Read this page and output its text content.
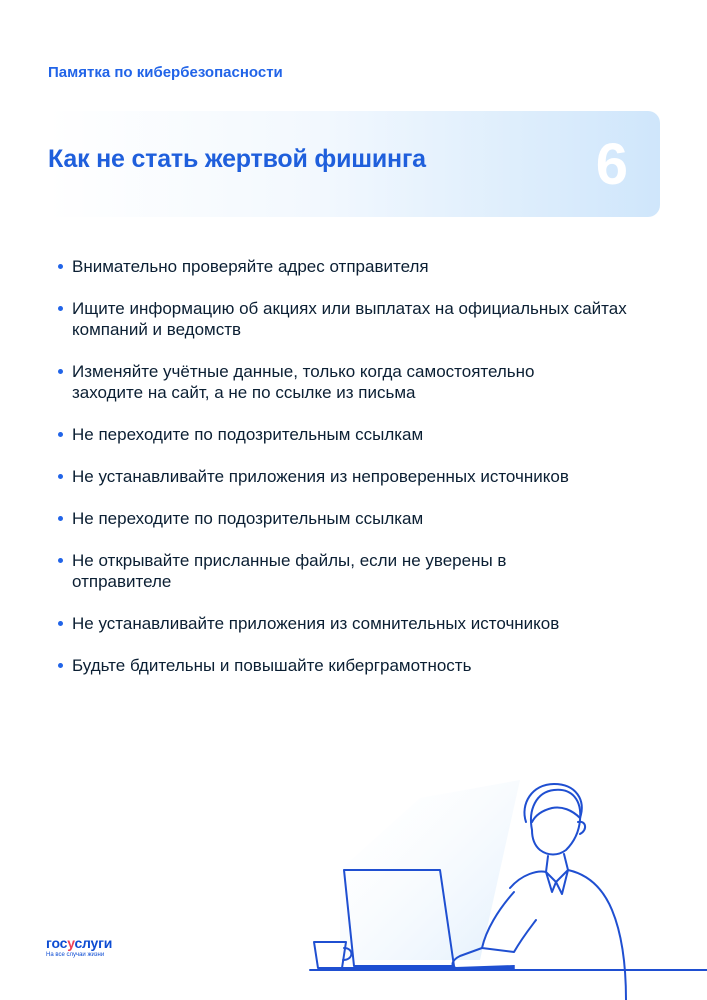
Памятка по кибербезопасности
Как не стать жертвой фишинга	6
Внимательно проверяйте адрес отправителя
Ищите информацию об акциях или выплатах на официальных сайтах компаний и ведомств
Изменяйте учётные данные, только когда самостоятельно заходите на сайт, а не по ссылке из письма
Не переходите по подозрительным ссылкам
Не устанавливайте приложения из непроверенных источников
Не переходите по подозрительным ссылкам
Не открывайте присланные файлы, если не уверены в отправителе
Не устанавливайте приложения из сомнительных источников
Будьте бдительны и повышайте киберграмотность
госуслуги
На все случаи жизни
